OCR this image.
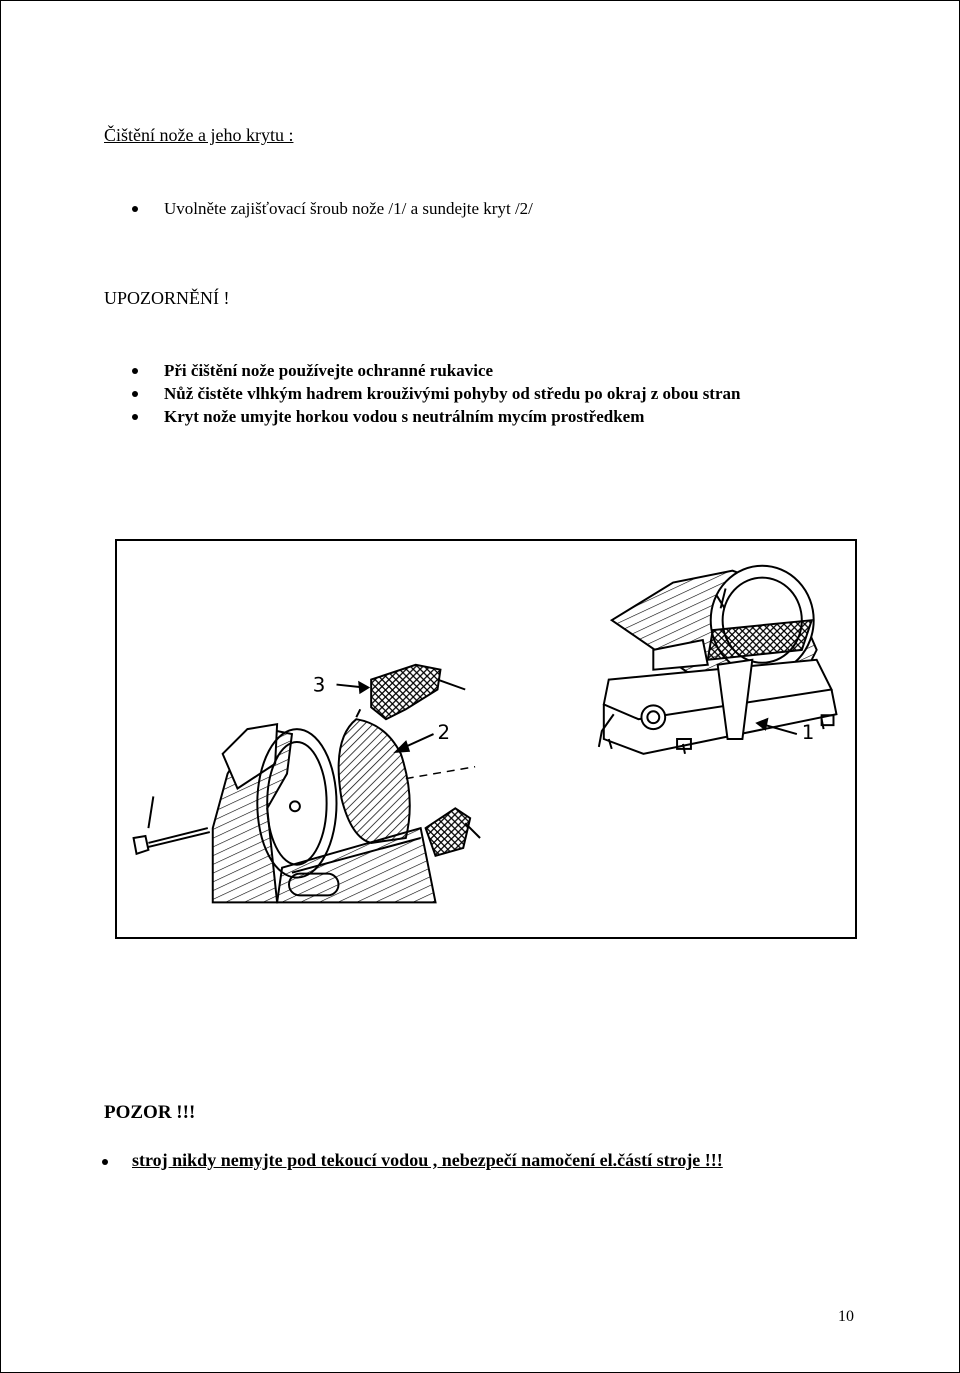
Čištění nože a jeho krytu :
Uvolněte zajišťovací šroub nože /1/ a sundejte kryt /2/

UPOZORNĚNÍ !

Při čištění nože používejte ochranné rukavice
Nůž čistěte vlhkým hadrem krouživými pohyby od středu po okraj z obou stran
Kryt nože umyjte horkou vodou s neutrálním mycím prostředkem
3
2	1

POZOR !!!

stroj nikdy nemyjte pod tekoucí vodou , nebezpečí namočení el.částí stroje !!!
10
